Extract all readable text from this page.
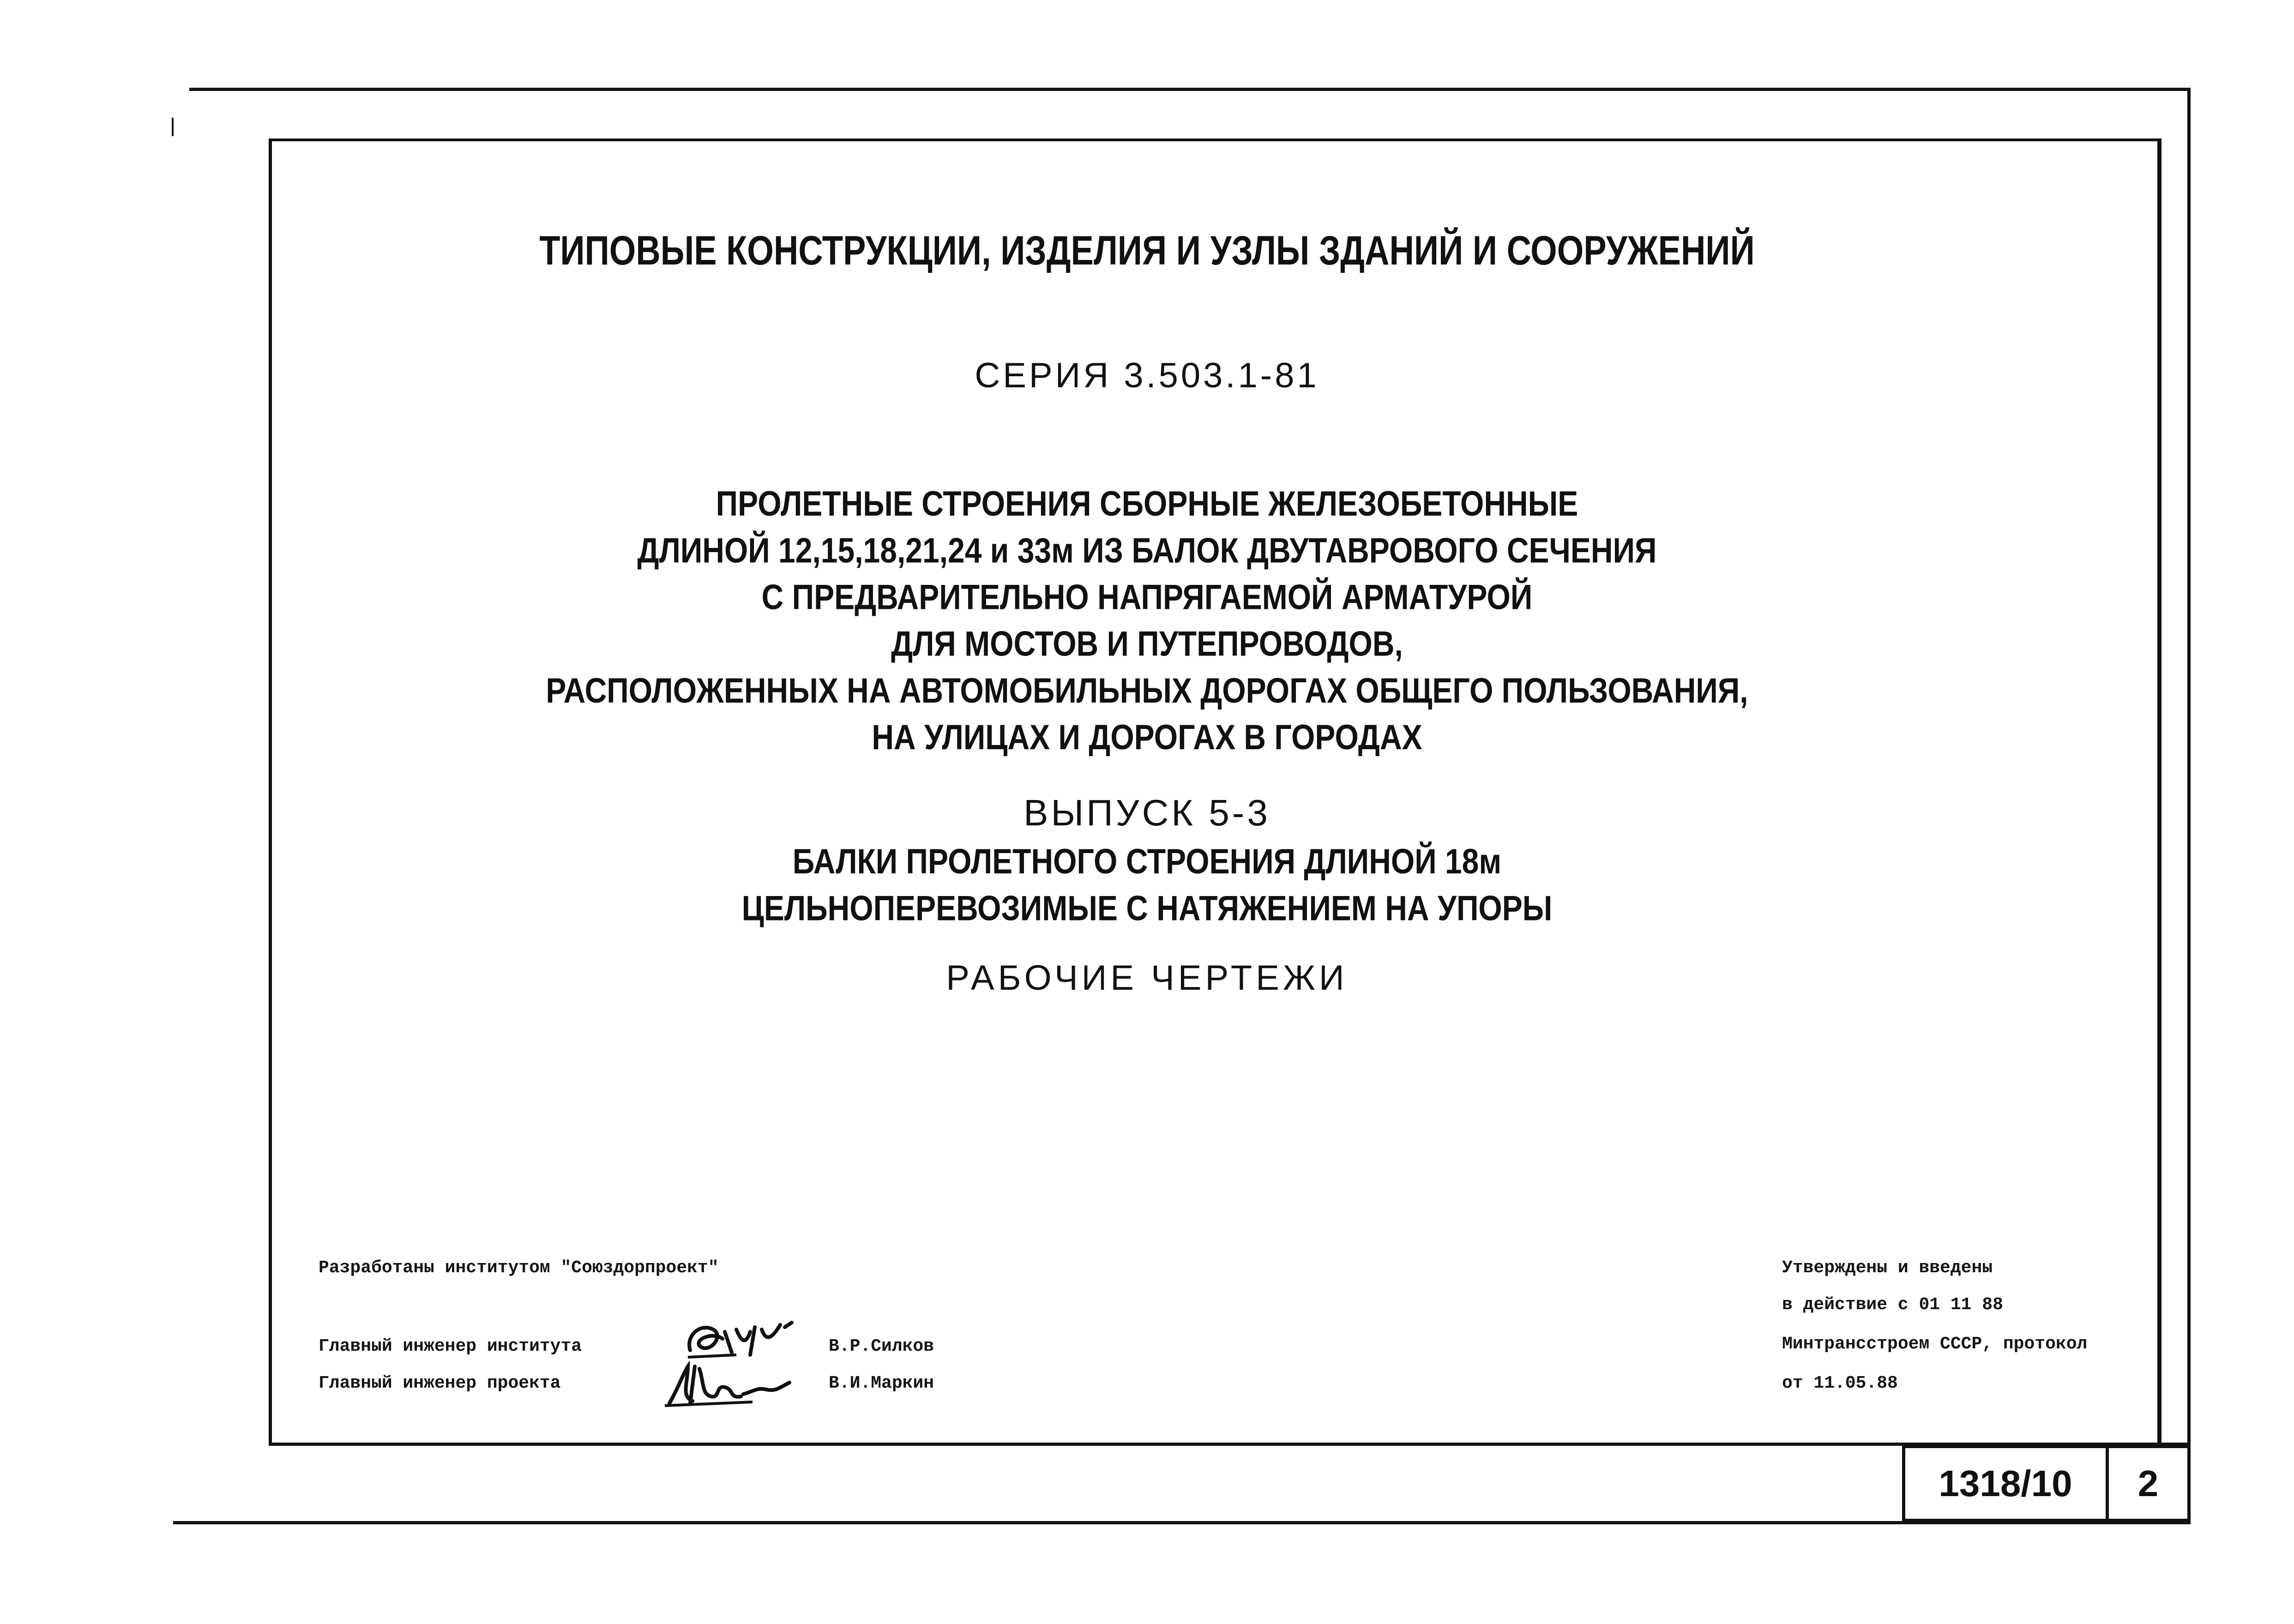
ТИПОВЫЕ КОНСТРУКЦИИ, ИЗДЕЛИЯ И УЗЛЫ ЗДАНИЙ И СООРУЖЕНИЙ
СЕРИЯ 3.503.1-81
ПРОЛЕТНЫЕ СТРОЕНИЯ СБОРНЫЕ ЖЕЛЕЗОБЕТОННЫЕ
ДЛИНОЙ 12,15,18,21,24 и 33м ИЗ БАЛОК ДВУТАВРОВОГО СЕЧЕНИЯ
С ПРЕДВАРИТЕЛЬНО НАПРЯГАЕМОЙ АРМАТУРОЙ
ДЛЯ МОСТОВ И ПУТЕПРОВОДОВ,
РАСПОЛОЖЕННЫХ НА АВТОМОБИЛЬНЫХ ДОРОГАХ ОБЩЕГО ПОЛЬЗОВАНИЯ,
НА УЛИЦАХ И ДОРОГАХ В ГОРОДАХ
ВЫПУСК 5-3
БАЛКИ ПРОЛЕТНОГО СТРОЕНИЯ ДЛИНОЙ 18м
ЦЕЛЬНОПЕРЕВОЗИМЫЕ С НАТЯЖЕНИЕМ НА УПОРЫ
РАБОЧИЕ ЧЕРТЕЖИ
Разработаны институтом "Союздорпроект"
Главный инженер института
Главный инженер проекта
В.Р.Силков
В.И.Маркин
Утверждены и введены
в действие с 01 11 88
Минтрансстроем СССР, протокол
от 11.05.88
1318/10	2
